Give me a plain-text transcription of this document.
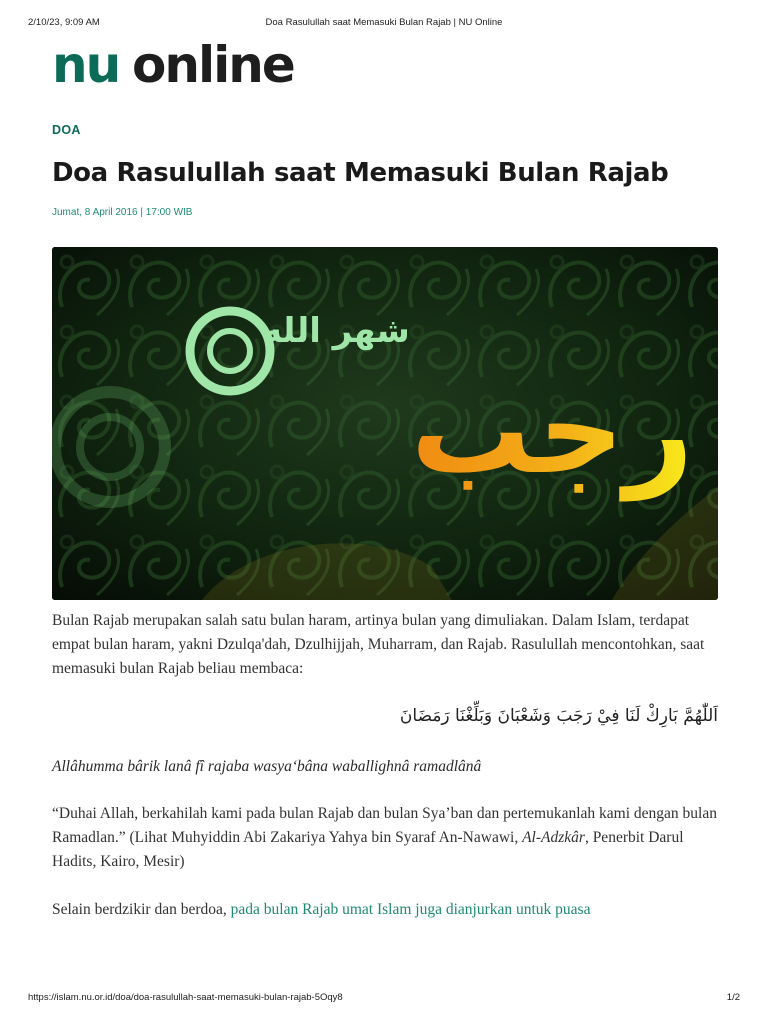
2/10/23, 9:09 AM	Doa Rasulullah saat Memasuki Bulan Rajab | NU Online
nu online
DOA
Doa Rasulullah saat Memasuki Bulan Rajab
Jumat, 8 April 2016 | 17:00 WIB
شهر الله
رجب

Bulan Rajab merupakan salah satu bulan haram, artinya bulan yang dimuliakan. Dalam Islam, terdapat empat bulan haram, yakni Dzulqa'dah, Dzulhijjah, Muharram, dan Rajab. Rasulullah mencontohkan, saat memasuki bulan Rajab beliau membaca:

اَللّٰهُمَّ بَارِكْ لَنَا فِيْ رَجَبَ وَشَعْبَانَ وَبَلِّغْنَا رَمَضَانَ

Allâhumma bârik lanâ fî rajaba wasya‘bâna waballighnâ ramadlânâ

“Duhai Allah, berkahilah kami pada bulan Rajab dan bulan Sya’ban dan pertemukanlah kami dengan bulan Ramadlan.” (Lihat Muhyiddin Abi Zakariya Yahya bin Syaraf An-Nawawi, Al-Adzkâr, Penerbit Darul Hadits, Kairo, Mesir)

Selain berdzikir dan berdoa, pada bulan Rajab umat Islam juga dianjurkan untuk puasa

https://islam.nu.or.id/doa/doa-rasulullah-saat-memasuki-bulan-rajab-5Oqy8	1/2
